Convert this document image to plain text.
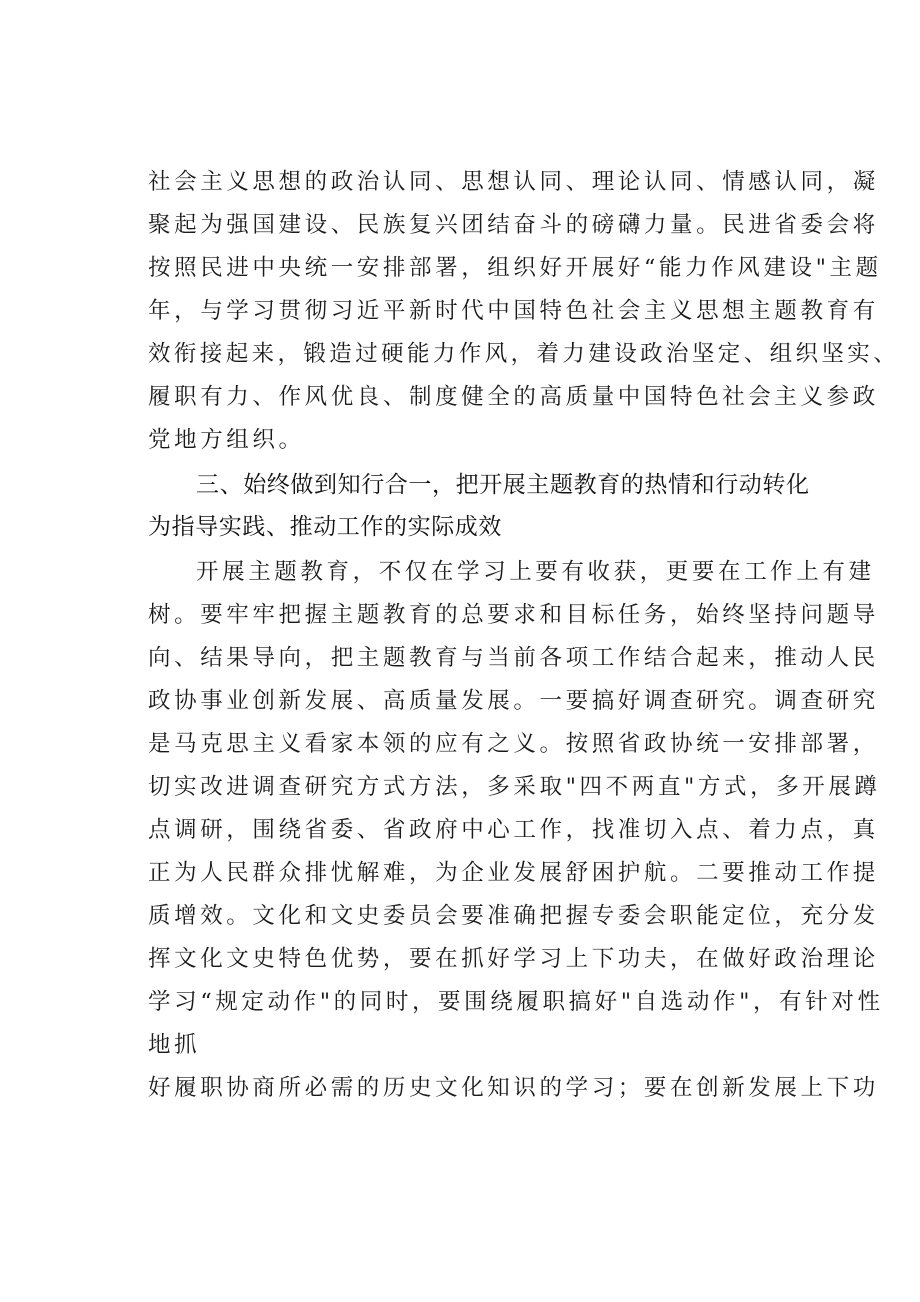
社会主义思想的政治认同、思想认同、理论认同、情感认同，凝
聚起为强国建设、民族复兴团结奋斗的磅礴力量。民进省委会将
按照民进中央统一安排部署，组织好开展好“能力作风建设"主题
年，与学习贯彻习近平新时代中国特色社会主义思想主题教育有
效衔接起来，锻造过硬能力作风，着力建设政治坚定、组织坚实、
履职有力、作风优良、制度健全的高质量中国特色社会主义参政
党地方组织。
三、始终做到知行合一，把开展主题教育的热情和行动转化
为指导实践、推动工作的实际成效
开展主题教育，不仅在学习上要有收获，更要在工作上有建
树。要牢牢把握主题教育的总要求和目标任务，始终坚持问题导
向、结果导向，把主题教育与当前各项工作结合起来，推动人民
政协事业创新发展、高质量发展。一要搞好调查研究。调查研究
是马克思主义看家本领的应有之义。按照省政协统一安排部署，
切实改进调查研究方式方法，多采取"四不两直"方式，多开展蹲
点调研，围绕省委、省政府中心工作，找准切入点、着力点，真
正为人民群众排忧解难，为企业发展舒困护航。二要推动工作提
质增效。文化和文史委员会要准确把握专委会职能定位，充分发
挥文化文史特色优势，要在抓好学习上下功夫，在做好政治理论
学习“规定动作"的同时，要围绕履职搞好"自选动作"，有针对性
地抓
好履职协商所必需的历史文化知识的学习；要在创新发展上下功
